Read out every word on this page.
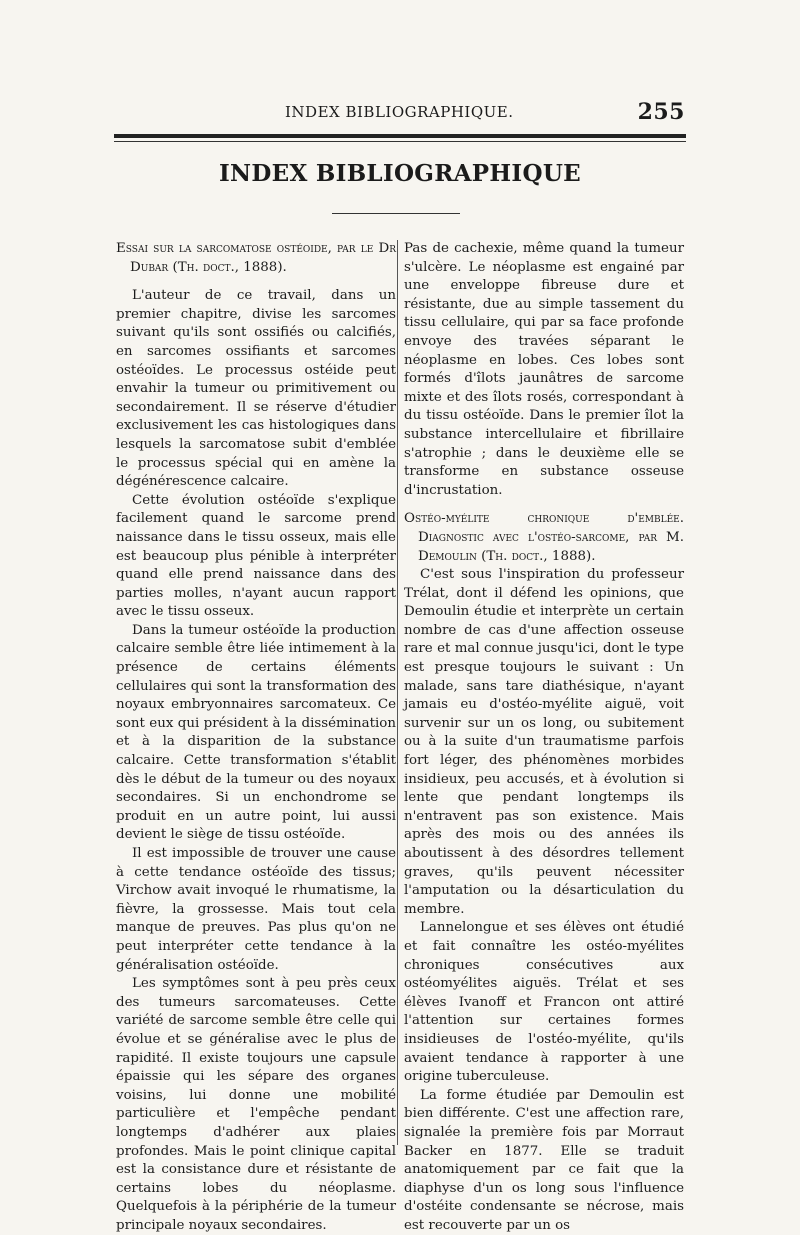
INDEX BIBLIOGRAPHIQUE.	255
INDEX BIBLIOGRAPHIQUE

Essai sur la sarcomatose ostéoide, par le Dr Dubar (Th. doct., 1888).

L'auteur de ce travail, dans un premier chapitre, divise les sarcomes suivant qu'ils sont ossifiés ou calcifiés, en sarcomes ossifiants et sarcomes ostéoïdes. Le processus ostéide peut envahir la tumeur ou primitivement ou secondairement. Il se réserve d'étudier exclusivement les cas histologiques dans lesquels la sarcomatose subit d'emblée le processus spécial qui en amène la dégénérescence calcaire.

Cette évolution ostéoïde s'explique facilement quand le sarcome prend naissance dans le tissu osseux, mais elle est beaucoup plus pénible à interpréter quand elle prend naissance dans des parties molles, n'ayant aucun rapport avec le tissu osseux.

Dans la tumeur ostéoïde la production calcaire semble être liée intimement à la présence de certains éléments cellulaires qui sont la transformation des noyaux embryonnaires sarcomateux. Ce sont eux qui président à la dissémination et à la disparition de la substance calcaire. Cette transformation s'établit dès le début de la tumeur ou des noyaux secondaires. Si un enchondrome se produit en un autre point, lui aussi devient le siège de tissu ostéoïde.

Il est impossible de trouver une cause à cette tendance ostéoïde des tissus; Virchow avait invoqué le rhumatisme, la fièvre, la grossesse. Mais tout cela manque de preuves. Pas plus qu'on ne peut interpréter cette tendance à la généralisation ostéoïde.

Les symptômes sont à peu près ceux des tumeurs sarcomateuses. Cette variété de sarcome semble être celle qui évolue et se généralise avec le plus de rapidité. Il existe toujours une capsule épaissie qui les sépare des organes voisins, lui donne une mobilité particulière et l'empêche pendant longtemps d'adhérer aux plaies profondes. Mais le point clinique capital est la consistance dure et résistante de certains lobes du néoplasme. Quelquefois à la périphérie de la tumeur principale noyaux secondaires.

Pas de cachexie, même quand la tumeur s'ulcère. Le néoplasme est engainé par une enveloppe fibreuse dure et résistante, due au simple tassement du tissu cellulaire, qui par sa face profonde envoye des travées séparant le néoplasme en lobes. Ces lobes sont formés d'îlots jaunâtres de sarcome mixte et des îlots rosés, correspondant à du tissu ostéoïde. Dans le premier îlot la substance intercellulaire et fibrillaire s'atrophie ; dans le deuxième elle se transforme en substance osseuse d'incrustation.

Ostéo-myélite chronique d'emblée. Diagnostic avec l'ostéo-sarcome, par M. Demoulin (Th. doct., 1888).

C'est sous l'inspiration du professeur Trélat, dont il défend les opinions, que Demoulin étudie et interprète un certain nombre de cas d'une affection osseuse rare et mal connue jusqu'ici, dont le type est presque toujours le suivant : Un malade, sans tare diathésique, n'ayant jamais eu d'ostéo-myélite aiguë, voit survenir sur un os long, ou subitement ou à la suite d'un traumatisme parfois fort léger, des phénomènes morbides insidieux, peu accusés, et à évolution si lente que pendant longtemps ils n'entravent pas son existence. Mais après des mois ou des années ils aboutissent à des désordres tellement graves, qu'ils peuvent nécessiter l'amputation ou la désarticulation du membre.

Lannelongue et ses élèves ont étudié et fait connaître les ostéo-myélites chroniques consécutives aux ostéomyélites aiguës. Trélat et ses élèves Ivanoff et Francon ont attiré l'attention sur certaines formes insidieuses de l'ostéo-myélite, qu'ils avaient tendance à rapporter à une origine tuberculeuse.

La forme étudiée par Demoulin est bien différente. C'est une affection rare, signalée la première fois par Morraut Backer en 1877. Elle se traduit anatomiquement par ce fait que la diaphyse d'un os long sous l'influence d'ostéite condensante se nécrose, mais est recouverte par un os
